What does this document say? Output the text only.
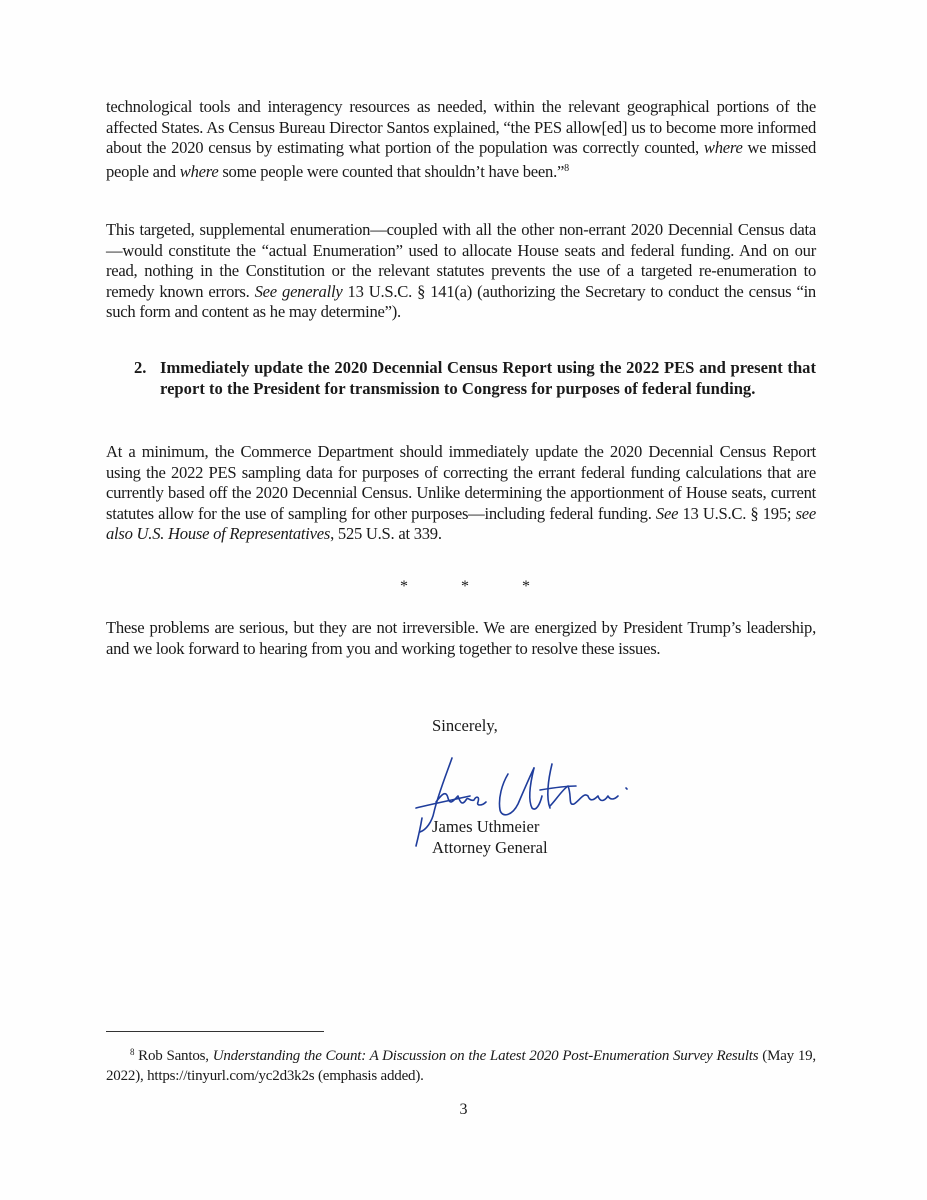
technological tools and interagency resources as needed, within the relevant geographical portions of the affected States. As Census Bureau Director Santos explained, “the PES allow[ed] us to become more informed about the 2020 census by estimating what portion of the population was correctly counted, where we missed people and where some people were counted that shouldn’t have been.”$^8$
This targeted, supplemental enumeration—coupled with all the other non-errant 2020 Decennial Census data—would constitute the “actual Enumeration” used to allocate House seats and federal funding. And on our read, nothing in the Constitution or the relevant statutes prevents the use of a targeted re-enumeration to remedy known errors. See generally 13 U.S.C. § 141(a) (authorizing the Secretary to conduct the census “in such form and content as he may determine”).
2. Immediately update the 2020 Decennial Census Report using the 2022 PES and present that report to the President for transmission to Congress for purposes of federal funding.
At a minimum, the Commerce Department should immediately update the 2020 Decennial Census Report using the 2022 PES sampling data for purposes of correcting the errant federal funding calculations that are currently based off the 2020 Decennial Census. Unlike determining the apportionment of House seats, current statutes allow for the use of sampling for other purposes—including federal funding. See 13 U.S.C. § 195; see also U.S. House of Representatives, 525 U.S. at 339.
*	*	*
These problems are serious, but they are not irreversible. We are energized by President Trump’s leadership, and we look forward to hearing from you and working together to resolve these issues.
Sincerely,
James Uthmeier
Attorney General
$^8$ Rob Santos, Understanding the Count: A Discussion on the Latest 2020 Post-Enumeration Survey Results (May 19, 2022), https://tinyurl.com/yc2d3k2s (emphasis added).
3
